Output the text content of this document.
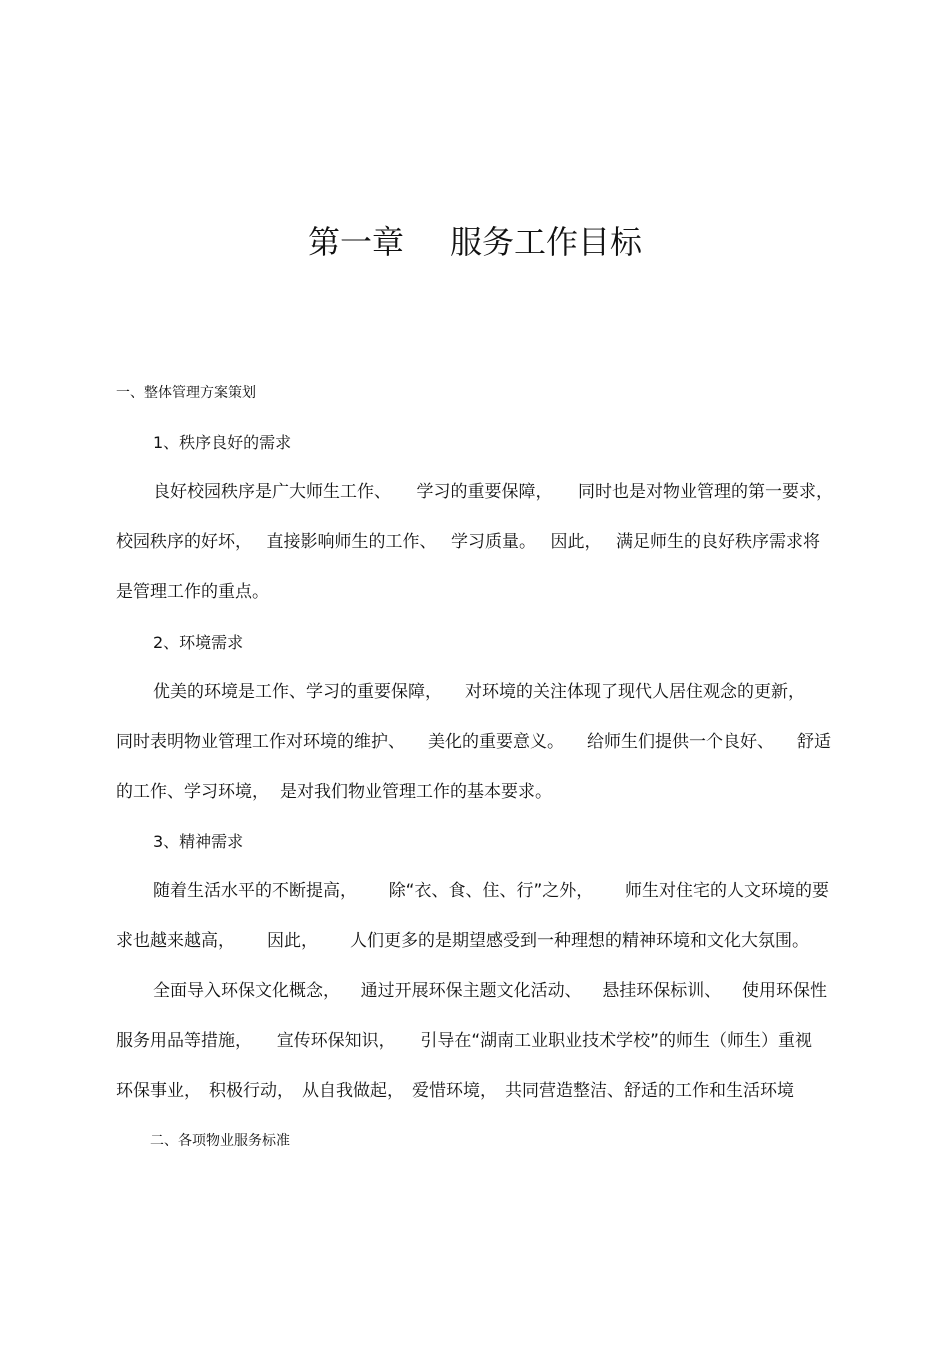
第一章 服务工作目标
一、整体管理方案策划
1、秩序良好的需求
良好校园秩序是广大师生工作、 学习的重要保障， 同时也是对物业管理的第一要求，
校园秩序的好坏， 直接影响师生的工作、 学习质量。 因此， 满足师生的良好秩序需求将
是管理工作的重点。
2、环境需求
优美的环境是工作、学习的重要保障， 对环境的关注体现了现代人居住观念的更新，
同时表明物业管理工作对环境的维护、 美化的重要意义。 给师生们提供一个良好、 舒适
的工作、学习环境， 是对我们物业管理工作的基本要求。
3、精神需求
随着生活水平的不断提高， 除“衣、食、住、行”之外， 师生对住宅的人文环境的要
求也越来越高， 因此， 人们更多的是期望感受到一种理想的精神环境和文化大氛围。
全面导入环保文化概念， 通过开展环保主题文化活动、 悬挂环保标训、 使用环保性
服务用品等措施， 宣传环保知识， 引导在“湖南工业职业技术学校”的师生（师生）重视
环保事业， 积极行动， 从自我做起， 爱惜环境， 共同营造整洁、舒适的工作和生活环境
二、各项物业服务标准
